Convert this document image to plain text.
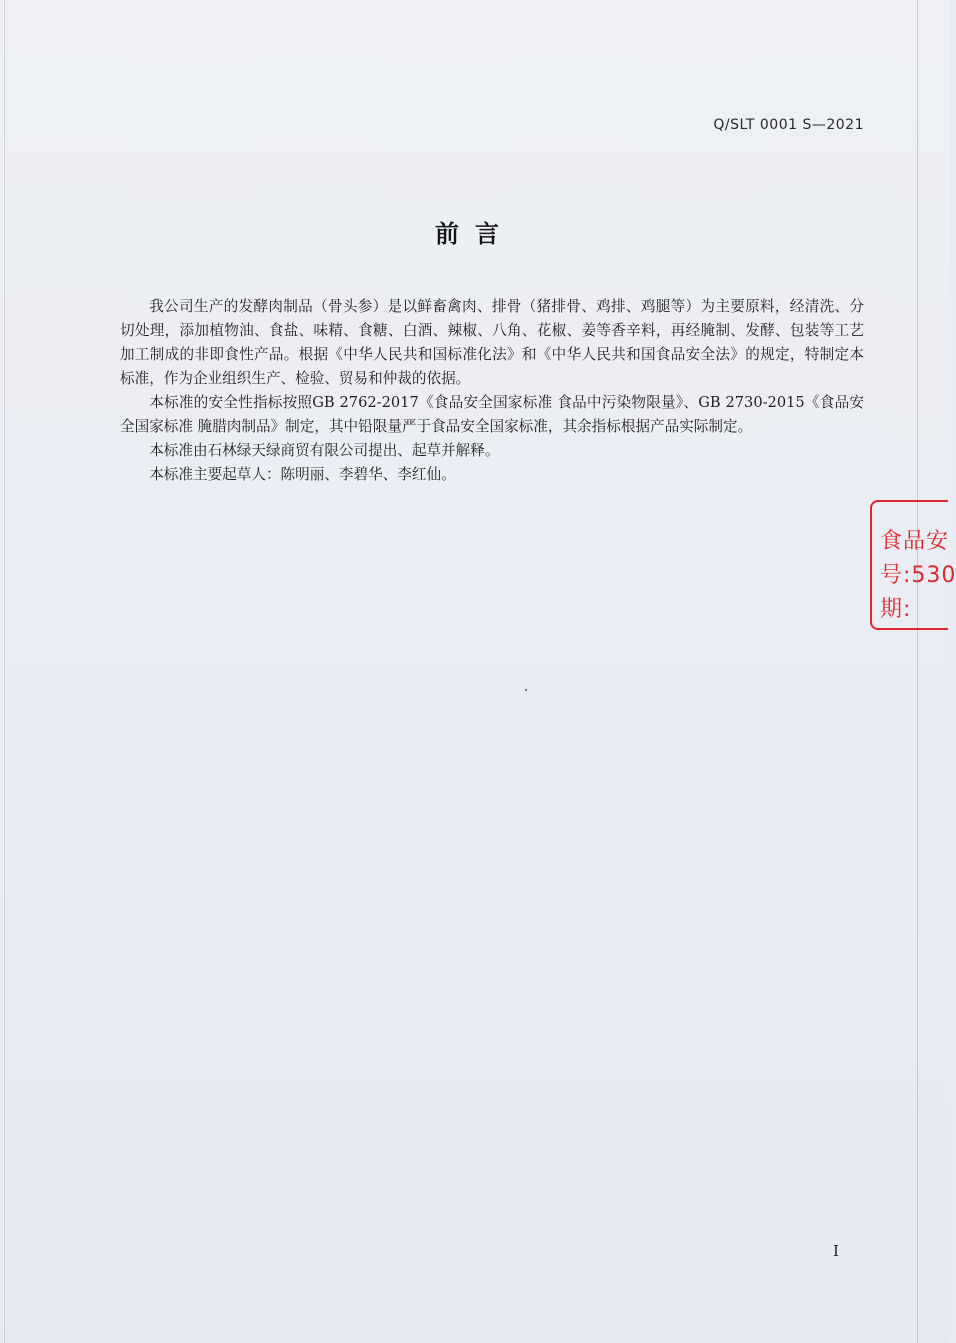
Q/SLT 0001 S—2021
前言

我公司生产的发酵肉制品（骨头参）是以鲜畜禽肉、排骨（猪排骨、鸡排、鸡腿等）为主要原料，经清洗、分切处理，添加植物油、食盐、味精、食糖、白酒、辣椒、八角、花椒、姜等香辛料，再经腌制、发酵、包装等工艺加工制成的非即食性产品。根据《中华人民共和国标准化法》和《中华人民共和国食品安全法》的规定，特制定本标准，作为企业组织生产、检验、贸易和仲裁的依据。

本标准的安全性指标按照GB 2762-2017《食品安全国家标准 食品中污染物限量》、GB 2730-2015《食品安全国家标准 腌腊肉制品》制定，其中铅限量严于食品安全国家标准，其余指标根据产品实际制定。

本标准由石林绿天绿商贸有限公司提出、起草并解释。

本标准主要起草人：陈明丽、李碧华、李红仙。

食品安
号:530
期:
I
